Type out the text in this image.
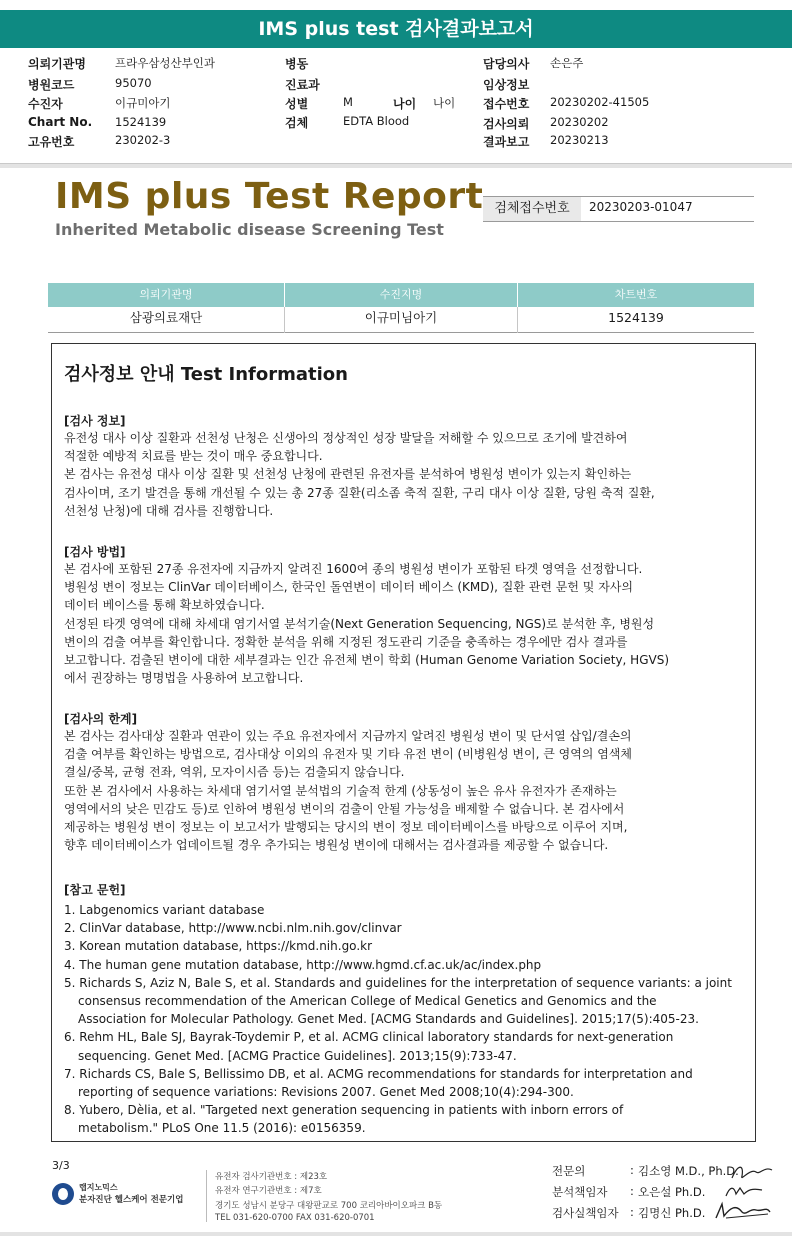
IMS plus test 검사결과보고서
의뢰기관명	프라우삼성산부인과
병원코드	95070
수진자	이규미아기
Chart No. 1524139
고유번호	230202-3
병동
진료과
성별	M	나이 나이
검체	EDTA Blood
담당의사 손은주
임상정보
접수번호 20230202-41505
검사의뢰 20230202
결과보고 20230213
IMS plus Test Report
Inherited Metabolic disease Screening Test
검체접수번호	20230203-01047
의뢰기관명	수진지명	차트번호
삼광의료재단	이규미님아기	1524139
검사정보 안내 Test Information
[검사 정보]
유전성 대사 이상 질환과 선천성 난청은 신생아의 정상적인 성장 발달을 저해할 수 있으므로 조기에 발견하여
적절한 예방적 치료를 받는 것이 매우 중요합니다.
본 검사는 유전성 대사 이상 질환 및 선천성 난청에 관련된 유전자를 분석하여 병원성 변이가 있는지 확인하는
검사이며, 조기 발견을 통해 개선될 수 있는 총 27종 질환(리소좀 축적 질환, 구리 대사 이상 질환, 당원 축적 질환,
선천성 난청)에 대해 검사를 진행합니다.
[검사 방법]
본 검사에 포함된 27종 유전자에 지금까지 알려진 1600여 종의 병원성 변이가 포함된 타겟 영역을 선정합니다.
병원성 변이 정보는 ClinVar 데이터베이스, 한국인 돌연변이 데이터 베이스 (KMD), 질환 관련 문헌 및 자사의
데이터 베이스를 통해 확보하였습니다.
선정된 타겟 영역에 대해 차세대 염기서열 분석기술(Next Generation Sequencing, NGS)로 분석한 후, 병원성
변이의 검출 여부를 확인합니다. 정확한 분석을 위해 지정된 정도관리 기준을 충족하는 경우에만 검사 결과를
보고합니다. 검출된 변이에 대한 세부결과는 인간 유전체 변이 학회 (Human Genome Variation Society, HGVS)
에서 권장하는 명명법을 사용하여 보고합니다.
[검사의 한계]
본 검사는 검사대상 질환과 연관이 있는 주요 유전자에서 지금까지 알려진 병원성 변이 및 단서열 삽입/결손의
검출 여부를 확인하는 방법으로, 검사대상 이외의 유전자 및 기타 유전 변이 (비병원성 변이, 큰 영역의 염색체
결실/중복, 균형 전좌, 역위, 모자이시즘 등)는 검출되지 않습니다.
또한 본 검사에서 사용하는 차세대 염기서열 분석법의 기술적 한계 (상동성이 높은 유사 유전자가 존재하는
영역에서의 낮은 민감도 등)로 인하여 병원성 변이의 검출이 안될 가능성을 배제할 수 없습니다. 본 검사에서
제공하는 병원성 변이 정보는 이 보고서가 발행되는 당시의 변이 정보 데이터베이스를 바탕으로 이루어 지며,
향후 데이터베이스가 업데이트될 경우 추가되는 병원성 변이에 대해서는 검사결과를 제공할 수 없습니다.
[참고 문헌]
1. Labgenomics variant database
2. ClinVar database, http://www.ncbi.nlm.nih.gov/clinvar
3. Korean mutation database, https://kmd.nih.go.kr
4. The human gene mutation database, http://www.hgmd.cf.ac.uk/ac/index.php
5. Richards S, Aziz N, Bale S, et al. Standards and guidelines for the interpretation of sequence variants: a joint
consensus recommendation of the American College of Medical Genetics and Genomics and the
Association for Molecular Pathology. Genet Med. [ACMG Standards and Guidelines]. 2015;17(5):405-23.
6. Rehm HL, Bale SJ, Bayrak-Toydemir P, et al. ACMG clinical laboratory standards for next-generation
sequencing. Genet Med. [ACMG Practice Guidelines]. 2013;15(9):733-47.
7. Richards CS, Bale S, Bellissimo DB, et al. ACMG recommendations for standards for interpretation and
reporting of sequence variations: Revisions 2007. Genet Med 2008;10(4):294-300.
8. Yubero, Dèlia, et al. "Targeted next generation sequencing in patients with inborn errors of
metabolism." PLoS One 11.5 (2016): e0156359.
3/3
랩지노믹스
분자진단 헬스케어 전문기업
유전자 검사기관번호 : 제23호
유전자 연구기관번호 : 제7호
경기도 성남시 분당구 대왕판교로 700 코리아바이오파크 B동
TEL 031-620-0700 FAX 031-620-0701
전문의	: 김소영 M.D., Ph.D.
분석책임자 : 오은설 Ph.D.
검사실책임자 : 김명신 Ph.D.
